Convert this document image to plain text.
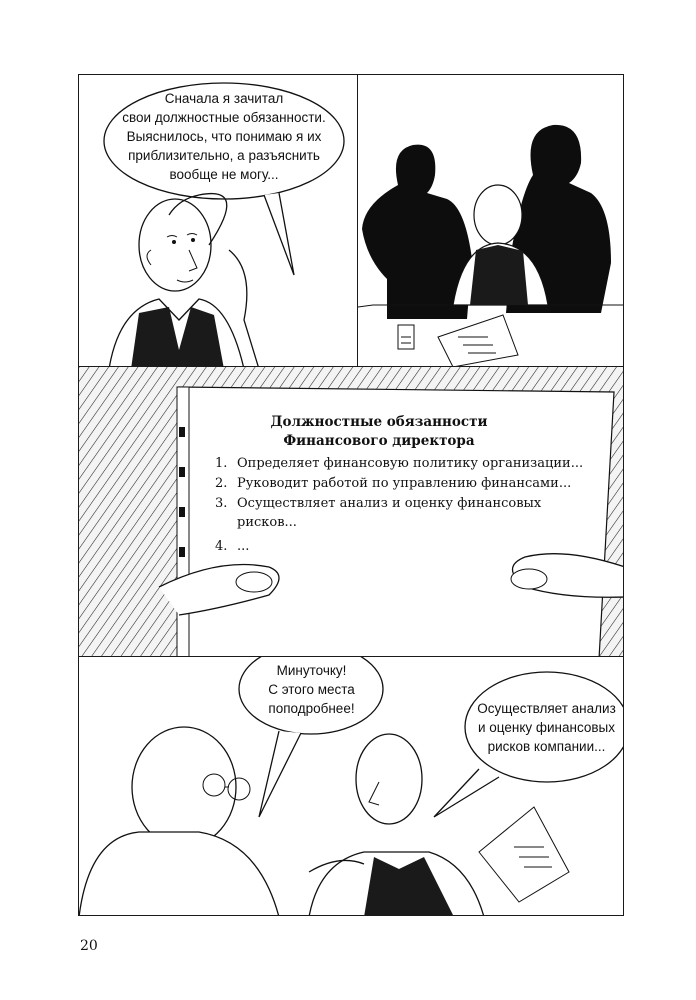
Сначала я зачитал
свои должностные обязанности.
Выяснилось, что понимаю я их
приблизительно, а разъяснить
вообще не могу...
Должностные обязанности
Финансового директора
1. Определяет финансовую политику организации...
2. Руководит работой по управлению финансами...
3. Осуществляет анализ и оценку финансовых
рисков...
4. ...
Минуточку!
С этого места
поподробнее!	Осуществляет анализ
и оценку финансовых
рисков компании...
20
